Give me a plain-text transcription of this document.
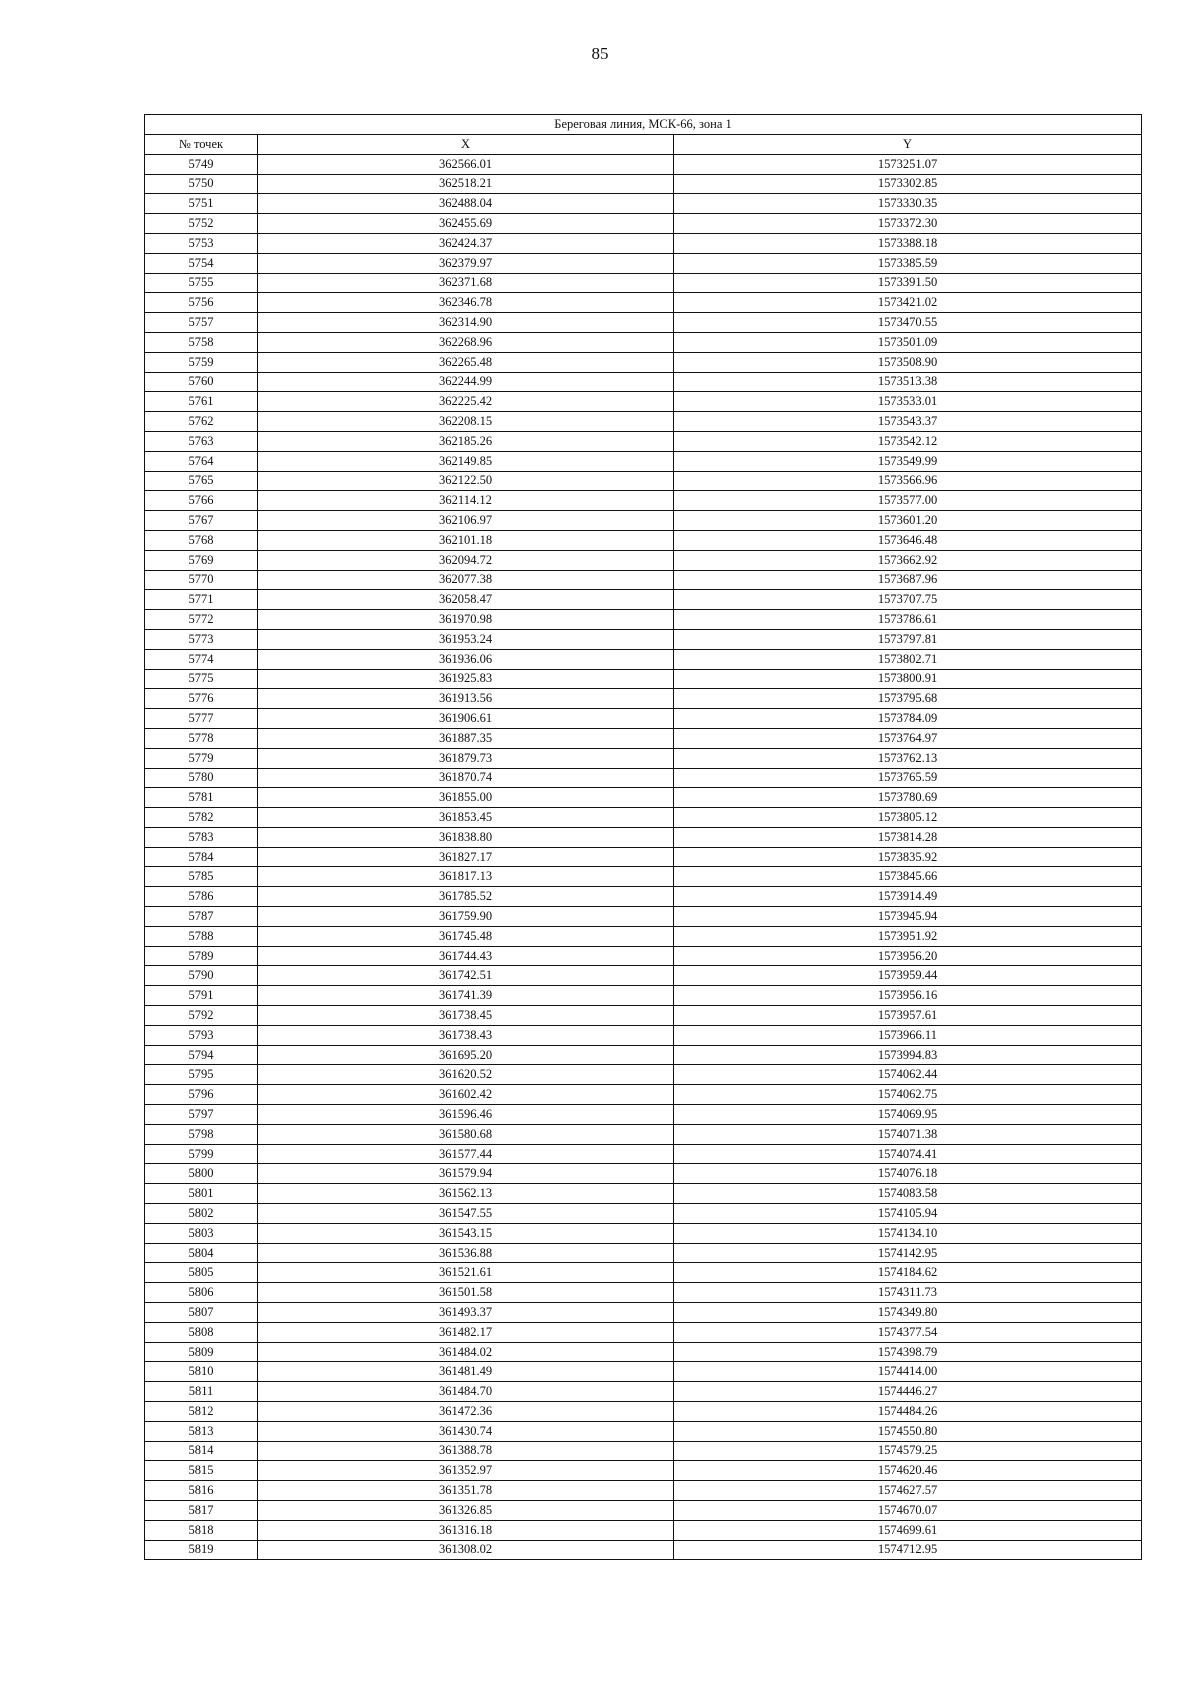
85
Береговая линия, МСК-66, зона 1		
№ точек	X	Y
5749	362566.01	1573251.07
5750	362518.21	1573302.85
5751	362488.04	1573330.35
5752	362455.69	1573372.30
5753	362424.37	1573388.18
5754	362379.97	1573385.59
5755	362371.68	1573391.50
5756	362346.78	1573421.02
5757	362314.90	1573470.55
5758	362268.96	1573501.09
5759	362265.48	1573508.90
5760	362244.99	1573513.38
5761	362225.42	1573533.01
5762	362208.15	1573543.37
5763	362185.26	1573542.12
5764	362149.85	1573549.99
5765	362122.50	1573566.96
5766	362114.12	1573577.00
5767	362106.97	1573601.20
5768	362101.18	1573646.48
5769	362094.72	1573662.92
5770	362077.38	1573687.96
5771	362058.47	1573707.75
5772	361970.98	1573786.61
5773	361953.24	1573797.81
5774	361936.06	1573802.71
5775	361925.83	1573800.91
5776	361913.56	1573795.68
5777	361906.61	1573784.09
5778	361887.35	1573764.97
5779	361879.73	1573762.13
5780	361870.74	1573765.59
5781	361855.00	1573780.69
5782	361853.45	1573805.12
5783	361838.80	1573814.28
5784	361827.17	1573835.92
5785	361817.13	1573845.66
5786	361785.52	1573914.49
5787	361759.90	1573945.94
5788	361745.48	1573951.92
5789	361744.43	1573956.20
5790	361742.51	1573959.44
5791	361741.39	1573956.16
5792	361738.45	1573957.61
5793	361738.43	1573966.11
5794	361695.20	1573994.83
5795	361620.52	1574062.44
5796	361602.42	1574062.75
5797	361596.46	1574069.95
5798	361580.68	1574071.38
5799	361577.44	1574074.41
5800	361579.94	1574076.18
5801	361562.13	1574083.58
5802	361547.55	1574105.94
5803	361543.15	1574134.10
5804	361536.88	1574142.95
5805	361521.61	1574184.62
5806	361501.58	1574311.73
5807	361493.37	1574349.80
5808	361482.17	1574377.54
5809	361484.02	1574398.79
5810	361481.49	1574414.00
5811	361484.70	1574446.27
5812	361472.36	1574484.26
5813	361430.74	1574550.80
5814	361388.78	1574579.25
5815	361352.97	1574620.46
5816	361351.78	1574627.57
5817	361326.85	1574670.07
5818	361316.18	1574699.61
5819	361308.02	1574712.95
